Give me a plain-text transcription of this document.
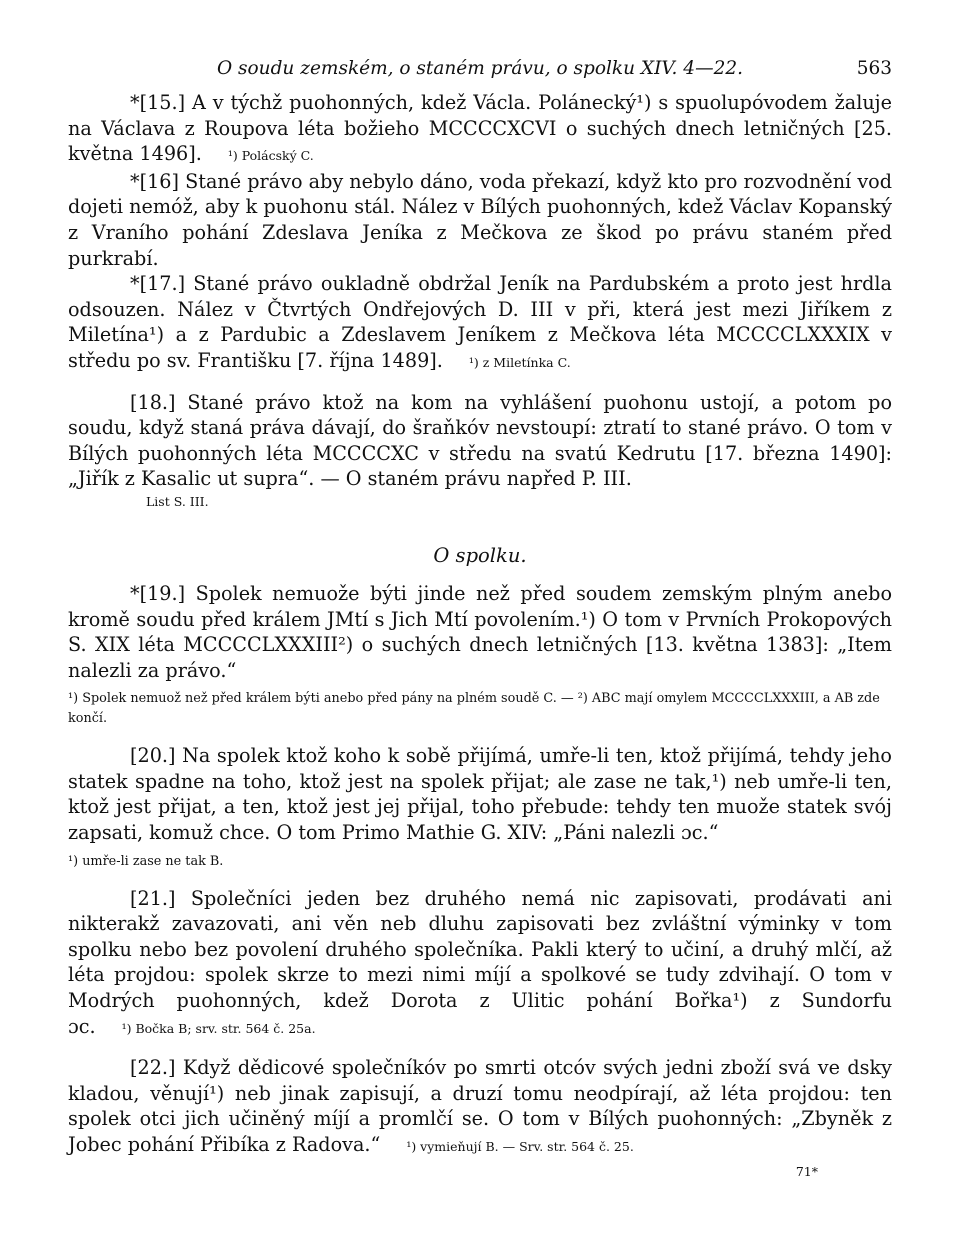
O soudu zemském, o staném právu, o spolku XIV. 4—22.	563

*[15.] A v týchž puohonných, kdež Václa. Polánecký¹) s spuolupóvodem žaluje na Václava z Roupova léta božieho MCCCCXCVI o suchých dnech letničných [25. května 1496]. ¹) Polácský C.

*[16] Stané právo aby nebylo dáno, voda překazí, když kto pro rozvodnění vod dojeti nemóž, aby k puohonu stál. Nález v Bílých puohonných, kdež Václav Kopanský z Vraního pohání Zdeslava Jeníka z Mečkova ze škod po právu staném před purkrabí.

*[17.] Stané právo oukladně obdržal Jeník na Pardubském a proto jest hrdla odsouzen. Nález v Čtvrtých Ondřejových D. III v při, která jest mezi Jiříkem z Miletína¹) a z Pardubic a Zdeslavem Jeníkem z Mečkova léta MCCCCLXXXIX v středu po sv. Františku [7. října 1489]. ¹) z Miletínka C.

[18.] Stané právo ktož na kom na vyhlášení puohonu ustojí, a potom po soudu, když staná práva dávají, do šraňkóv nevstoupí: ztratí to stané právo. O tom v Bílých puohonných léta MCCCCXC v středu na svatú Kedrutu [17. března 1490]: „Jiřík z Kasalic ut supra“. — O staném právu napřed P. III.

List S. III.
O spolku.

*[19.] Spolek nemuože býti jinde než před soudem zemským plným anebo kromě soudu před králem JMtí s Jich Mtí povolením.¹) O tom v Prvních Prokopových S. XIX léta MCCCCLXXXIII²) o suchých dnech letničných [13. května 1383]: „Item nalezli za právo.“

¹) Spolek nemuož než před králem býti anebo před pány na plném soudě C. — ²) ABC mají omylem MCCCCLXXXIII, a AB zde končí.

[20.] Na spolek ktož koho k sobě přijímá, umře-li ten, ktož přijímá, tehdy jeho statek spadne na toho, ktož jest na spolek přijat; ale zase ne tak,¹) neb umře-li ten, ktož jest přijat, a ten, ktož jest jej přijal, toho přebude: tehdy ten muože statek svój zapsati, komuž chce. O tom Primo Mathie G. XIV: „Páni nalezli ɔc.“

¹) umře-li zase ne tak B.

[21.] Společníci jeden bez druhého nemá nic zapisovati, prodávati ani nikterakž zavazovati, ani věn neb dluhu zapisovati bez zvláštní výminky v tom spolku nebo bez povolení druhého společníka. Pakli který to učiní, a druhý mlčí, až léta projdou: spolek skrze to mezi nimi míjí a spolkové se tudy zdvihají. O tom v Modrých puohonných, kdež Dorota z Ulitic pohání Bořka¹) z Sundorfu ɔc. ¹) Bočka B; srv. str. 564 č. 25a.

[22.] Když dědicové společníkóv po smrti otcóv svých jedni zboží svá ve dsky kladou, věnují¹) neb jinak zapisují, a druzí tomu neodpírají, až léta projdou: ten spolek otci jich učiněný míjí a promlčí se. O tom v Bílých puohonných: „Zbyněk z Jobec pohání Přibíka z Radova.“ ¹) vymieňují B. — Srv. str. 564 č. 25.

71*
